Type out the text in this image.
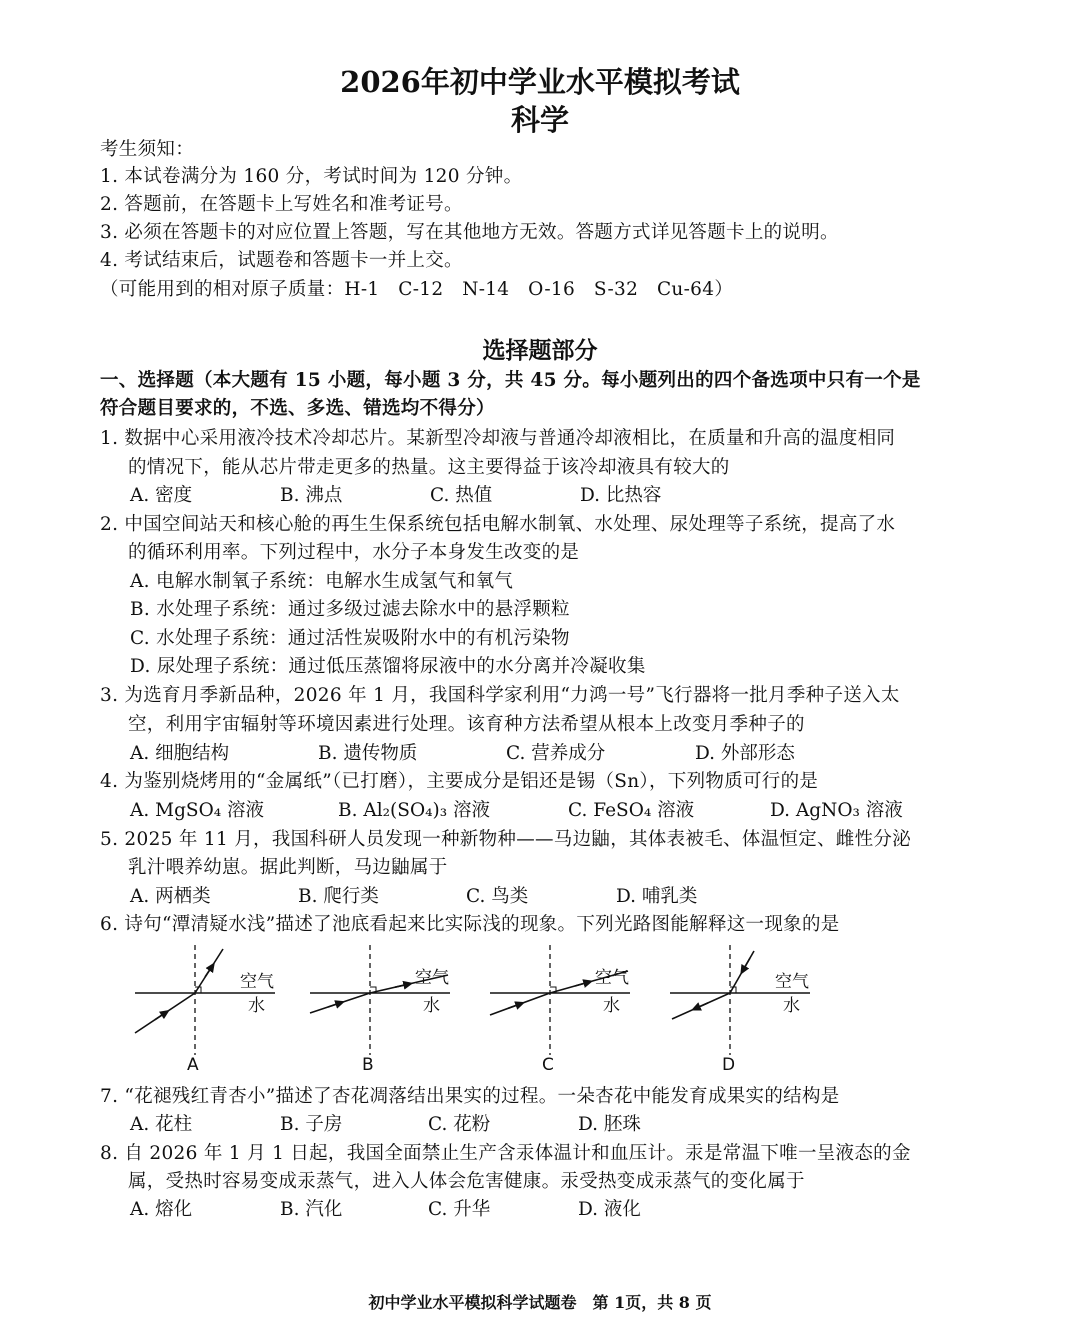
2026年初中学业水平模拟考试
科学
考生须知：
1. 本试卷满分为 160 分，考试时间为 120 分钟。
2. 答题前，在答题卡上写姓名和准考证号。
3. 必须在答题卡的对应位置上答题，写在其他地方无效。答题方式详见答题卡上的说明。
4. 考试结束后，试题卷和答题卡一并上交。
（可能用到的相对原子质量：H-1　C-12　N-14　O-16　S-32　Cu-64）
选择题部分
一、选择题（本大题有 15 小题，每小题 3 分，共 45 分。每小题列出的四个备选项中只有一个是
符合题目要求的，不选、多选、错选均不得分）
1. 数据中心采用液冷技术冷却芯片。某新型冷却液与普通冷却液相比，在质量和升高的温度相同
的情况下，能从芯片带走更多的热量。这主要得益于该冷却液具有较大的
A. 密度	B. 沸点	C. 热值	D. 比热容
2. 中国空间站天和核心舱的再生生保系统包括电解水制氧、水处理、尿处理等子系统，提高了水
的循环利用率。下列过程中，水分子本身发生改变的是
A. 电解水制氧子系统：电解水生成氢气和氧气
B. 水处理子系统：通过多级过滤去除水中的悬浮颗粒
C. 水处理子系统：通过活性炭吸附水中的有机污染物
D. 尿处理子系统：通过低压蒸馏将尿液中的水分离并冷凝收集
3. 为选育月季新品种，2026 年 1 月，我国科学家利用“力鸿一号”飞行器将一批月季种子送入太
空，利用宇宙辐射等环境因素进行处理。该育种方法希望从根本上改变月季种子的
A. 细胞结构	B. 遗传物质	C. 营养成分	D. 外部形态
4. 为鉴别烧烤用的“金属纸”（已打磨），主要成分是铝还是锡（Sn），下列物质可行的是
A. MgSO₄ 溶液	B. Al₂(SO₄)₃ 溶液	C. FeSO₄ 溶液	D. AgNO₃ 溶液
5. 2025 年 11 月，我国科研人员发现一种新物种——马边鼬，其体表被毛、体温恒定、雌性分泌
乳汁喂养幼崽。据此判断，马边鼬属于
A. 两栖类	B. 爬行类	C. 鸟类	D. 哺乳类
6. 诗句“潭清疑水浅”描述了池底看起来比实际浅的现象。下列光路图能解释这一现象的是
空气
水
A
空气
水
B
空气
水
C
空气
水
D
7. “花褪残红青杏小”描述了杏花凋落结出果实的过程。一朵杏花中能发育成果实的结构是
A. 花柱	B. 子房	C. 花粉	D. 胚珠
8. 自 2026 年 1 月 1 日起，我国全面禁止生产含汞体温计和血压计。汞是常温下唯一呈液态的金
属，受热时容易变成汞蒸气，进入人体会危害健康。汞受热变成汞蒸气的变化属于
A. 熔化	B. 汽化	C. 升华	D. 液化
初中学业水平模拟科学试题卷　第 1页，共 8 页
